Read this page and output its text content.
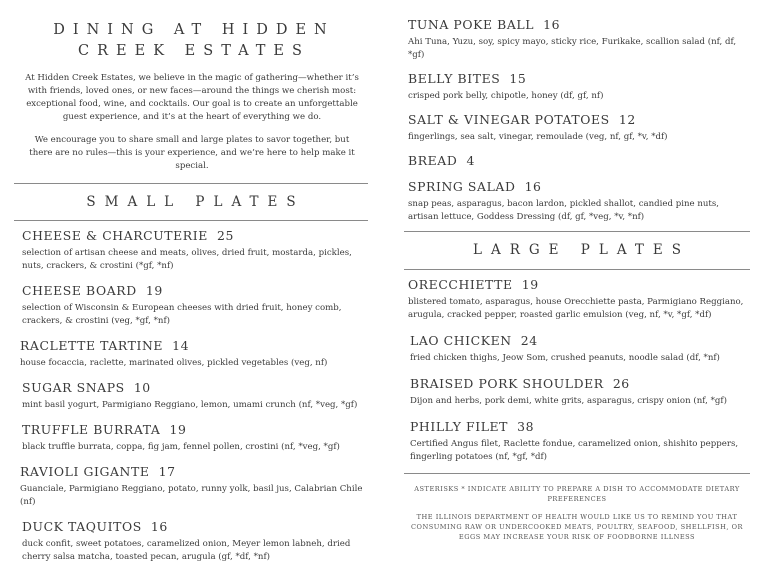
DINING AT HIDDEN
CREEK ESTATES

At Hidden Creek Estates, we believe in the magic of gathering—whether it’s with friends, loved ones, or new faces—around the things we cherish most: exceptional food, wine, and cocktails. Our goal is to create an unforgettable guest experience, and it’s at the heart of everything we do.

We encourage you to share small and large plates to savor together, but there are no rules—this is your experience, and we’re here to help make it special.

SMALL PLATES
CHEESE & CHARCUTERIE 25
selection of artisan cheese and meats, olives, dried fruit, mostarda, pickles, nuts, crackers, & crostini (*gf, *nf)
CHEESE BOARD 19
selection of Wisconsin & European cheeses with dried fruit, honey comb, crackers, & crostini (veg, *gf, *nf)
RACLETTE TARTINE 14
house focaccia, raclette, marinated olives, pickled vegetables (veg, nf)
SUGAR SNAPS 10
mint basil yogurt, Parmigiano Reggiano, lemon, umami crunch (nf, *veg, *gf)
TRUFFLE BURRATA 19
black truffle burrata, coppa, fig jam, fennel pollen, crostini (nf, *veg, *gf)
RAVIOLI GIGANTE 17
Guanciale, Parmigiano Reggiano, potato, runny yolk, basil jus, Calabrian Chile (nf)
DUCK TAQUITOS 16
duck confit, sweet potatoes, caramelized onion, Meyer lemon labneh, dried cherry salsa matcha, toasted pecan, arugula (gf, *df, *nf)
TUNA POKE BALL 16
Ahi Tuna, Yuzu, soy, spicy mayo, sticky rice, Furikake, scallion salad (nf, df, *gf)
BELLY BITES 15
crisped pork belly, chipotle, honey (df, gf, nf)
SALT & VINEGAR POTATOES 12
fingerlings, sea salt, vinegar, remoulade (veg, nf, gf, *v, *df)
BREAD 4
SPRING SALAD 16
snap peas, asparagus, bacon lardon, pickled shallot, candied pine nuts, artisan lettuce, Goddess Dressing (df, gf, *veg, *v, *nf)
LARGE PLATES
ORECCHIETTE 19
blistered tomato, asparagus, house Orecchiette pasta, Parmigiano Reggiano, arugula, cracked pepper, roasted garlic emulsion (veg, nf, *v, *gf, *df)
LAO CHICKEN 24
fried chicken thighs, Jeow Som, crushed peanuts, noodle salad (df, *nf)
BRAISED PORK SHOULDER 26
Dijon and herbs, pork demi, white grits, asparagus, crispy onion (nf, *gf)
PHILLY FILET 38
Certified Angus filet, Raclette fondue, caramelized onion, shishito peppers, fingerling potatoes (nf, *gf, *df)
ASTERISKS * INDICATE ABILITY TO PREPARE A DISH TO ACCOMMODATE DIETARY PREFERENCES
THE ILLINOIS DEPARTMENT OF HEALTH WOULD LIKE US TO REMIND YOU THAT CONSUMING RAW OR UNDERCOOKED MEATS, POULTRY, SEAFOOD, SHELLFISH, OR EGGS MAY INCREASE YOUR RISK OF FOODBORNE ILLNESS
